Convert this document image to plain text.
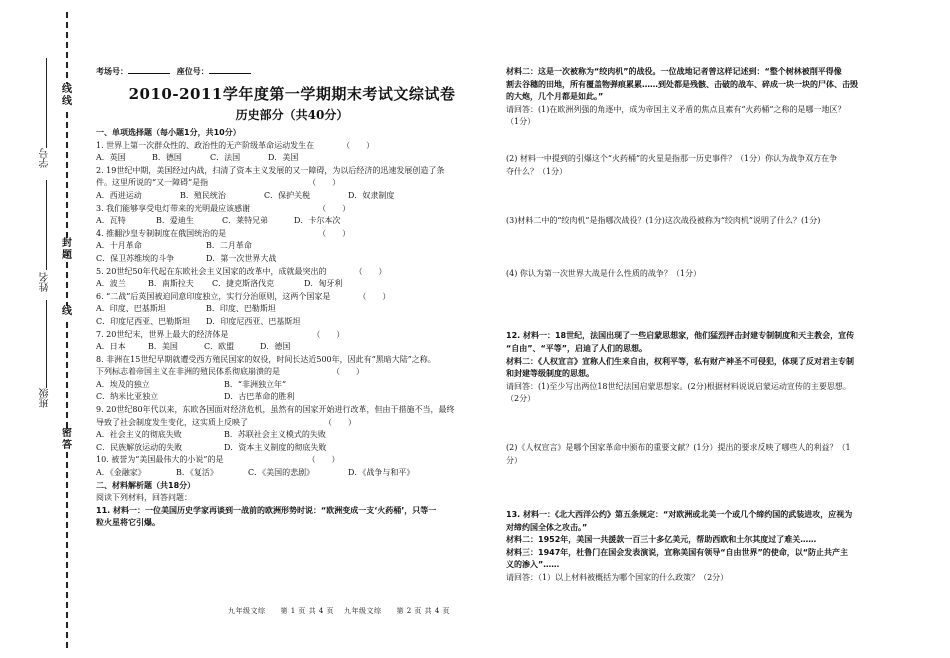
线
线
封
题
线
密
答
学号
姓名
班级
考场号：	座位号：
2010-2011学年度第一学期期末考试文综试卷
历史部分（共40分）
一、单项选择题（每小题1分，共10分）
1. 世界上第一次群众性的、政治性的无产阶级革命运动发生在　　　　（　　）
A．英国	B．德国	C．法国	D．美国
2. 19世纪中期，美国经过内战，扫清了资本主义发展的又一障碍，为以后经济的迅速发展创造了条
件。这里所说的“又一障碍”是指　　　　　　　　　　　　　（　　）
A．西进运动	B．殖民统治	C．保护关税	D．奴隶制度
3. 我们能够享受电灯带来的光明最应该感谢　　　　　　　　　（　　）
A．瓦特	B．爱迪生	C．莱特兄弟	D．卡尔本次
4. 推翻沙皇专制制度在俄国统治的是　　　　　　　　　　　　（　　）
A．十月革命	B．二月革命
C．保卫苏维埃的斗争	D．第一次世界大战
5. 20世纪50年代起在东欧社会主义国家的改革中，成就最突出的　　　　（　　）
A．波兰	B．南斯拉夫 C．捷克斯洛伐克	D．匈牙利
6. “二战”后英国被迫同意印度独立，实行分治原则，这两个国家是　　　　（　　）
A．印度、巴基斯坦	B．印度、巴勒斯坦
C．印度尼西亚、巴勒斯坦 D．印度尼西亚、巴基斯坦
7. 20世纪末，世界上最大的经济体是　　　　　　　　　　　（　　）
A．日本	B．美国	C．欧盟	D．德国
8. 非洲在15世纪早期就遭受西方殖民国家的奴役，时间长达近500年，因此有“黑暗大陆”之称。
下列标志着帝国主义在非洲的殖民体系彻底崩溃的是　　　　　　　（　　）
A．埃及的独立	B．“非洲独立年”
C．纳米比亚独立	D．古巴革命的胜利
9. 20世纪80年代以来，东欧各国面对经济危机，虽然有的国家开始进行改革，但由于措施不当，最终
导致了社会制度发生变化，这实质上反映了　　　　　　　　　　（　　）
A．社会主义的彻底失败	B．苏联社会主义模式的失败
C．民族解放运动的失败	D．资本主义制度的彻底失败
10. 被誉为“美国最伟大的小说”的是　　　　　　　　　　　（　　）
A．《金融家》	B．《复活》	C．《美国的悲剧》	D．《战争与和平》
二、材料解析题（共18分）
阅读下列材料，回答问题：
11. 材料一：一位美国历史学家再谈到一战前的欧洲形势时说：“欧洲变成一支‘火药桶’，只等一
粒火星将它引爆。
材料二：这是一次被称为“绞肉机”的战役。一位战地记者曾这样记述到：“整个树林被削平得像
割去谷穗的田地，所有覆盖物弹痕累累……到处都是残骸、击破的战车、碎成一块一块的尸体、击毁
的大炮，几个月都是如此。”
请回答：(1)在欧洲列强的角逐中，成为帝国主义矛盾的焦点且素有“火药桶”之称的是哪一地区？
（1分）
(2) 材料一中提到的引爆这个“火药桶”的火星是指那一历史事件？（1分）你认为战争双方在争
夺什么？（1分）
(3)材料二中的“绞肉机”是指哪次战役？(1分)这次战役被称为“绞肉机”说明了什么？(1分)
(4) 你认为第一次世界大战是什么性质的战争？（1分）
12. 材料一：18世纪，法国出现了一些启蒙思想家，他们猛烈抨击封建专制制度和天主教会，宣传
“自由”、“平等”，启迪了人们的思想。
材料二：《人权宣言》宣称人们生来自由，权利平等，私有财产神圣不可侵犯，体现了反对君主专制
和封建等级制度的思想。
请回答：(1)至少写出两位18世纪法国启蒙思想家。(2分)根据材料说说启蒙运动宣传的主要思想。
（2分）
(2)《人权宣言》是哪个国家革命中颁布的重要文献？(1分）提出的要求反映了哪些人的利益？（1
分）
13. 材料一：《北大西洋公约》第五条规定：“对欧洲或北美一个或几个缔约国的武装进攻，应视为
对缔约国全体之攻击。”
材料二：1952年，美国一共援款一百三十多亿美元，帮助西欧和土尔其度过了难关……
材料三：1947年，杜鲁门在国会发表演说，宣称美国有领导“自由世界”的使命，以“防止共产主
义的渗入”……
请回答：（1）以上材料被概括为哪个国家的什么政策？（2分）
九年级文综　　第 1 页 共 4 页 九年级文综　　第 2 页 共 4 页
